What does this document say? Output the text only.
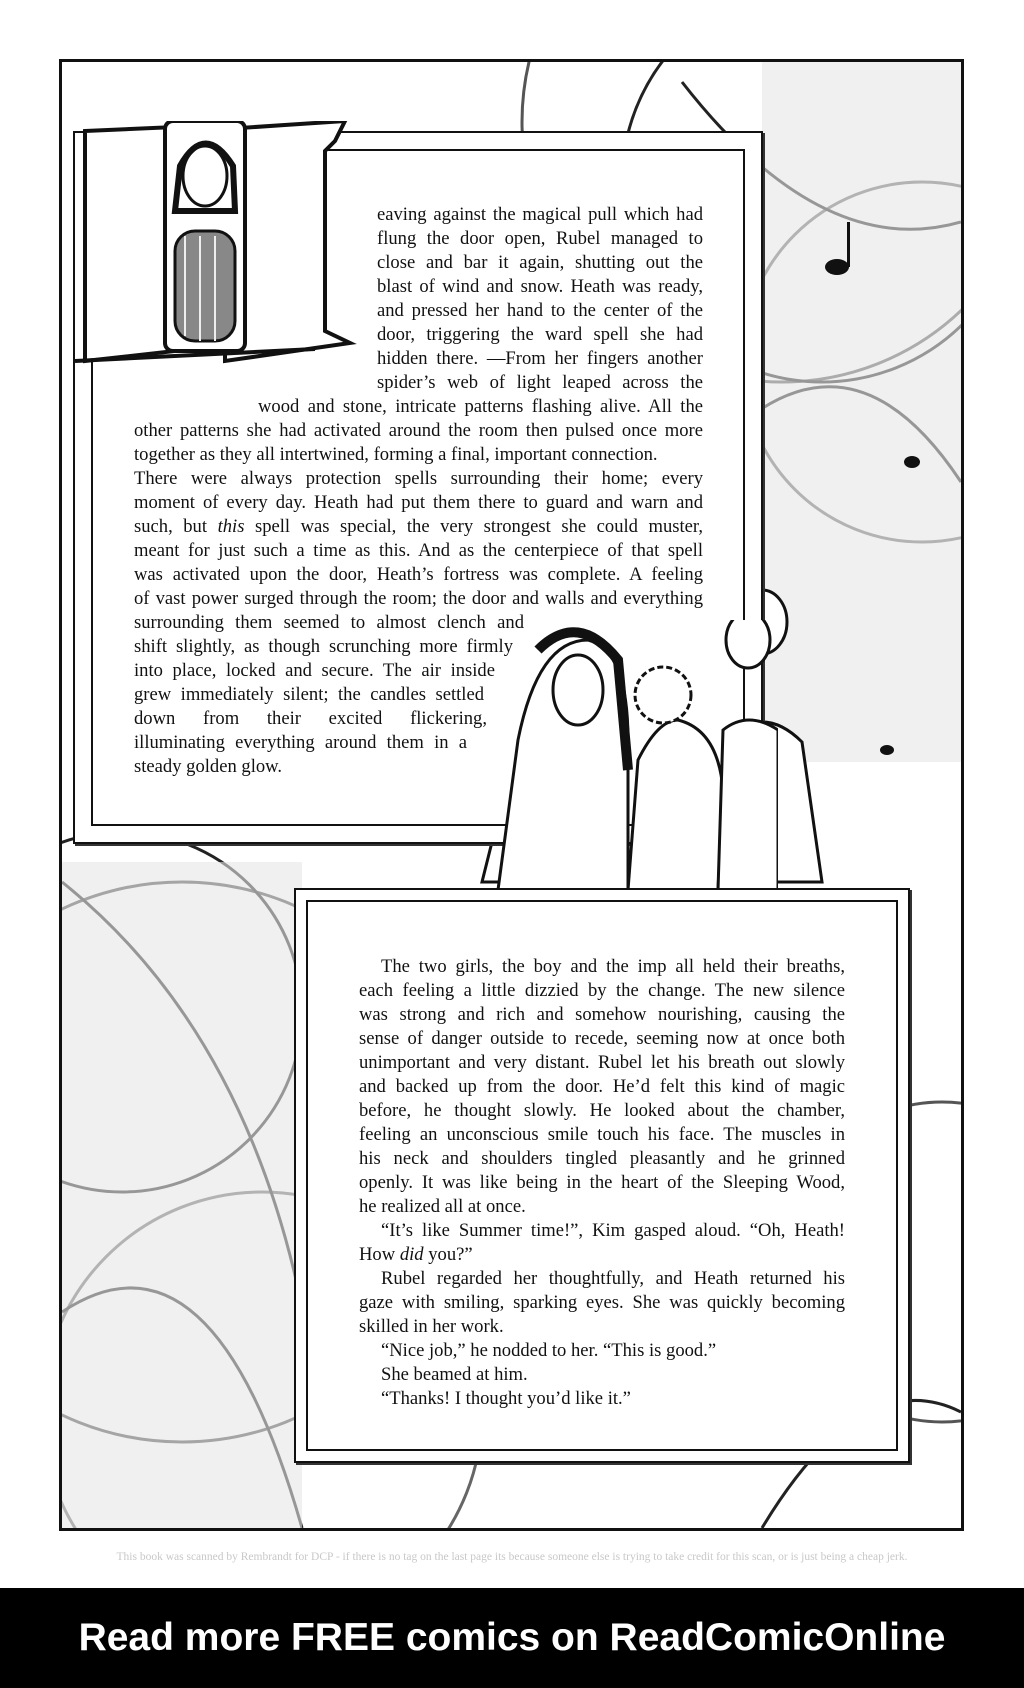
eaving against the magical pull which had
flung the door open, Rubel managed to
close and bar it again, shutting out the
blast of wind and snow. Heath was ready,
and pressed her hand to the center of the
door, triggering the ward spell she had
hidden there. —From her fingers another
spider’s web of light leaped across the
wood and stone, intricate patterns flashing alive. All the
other patterns she had activated around the room then pulsed once more
together as they all intertwined, forming a final, important connection.
There were always protection spells surrounding their home; every
moment of every day. Heath had put them there to guard and warn and
such, but this spell was special, the very strongest she could muster,
meant for just such a time as this. And as the centerpiece of that spell
was activated upon the door, Heath’s fortress was complete. A feeling
of vast power surged through the room; the door and walls and everything
surrounding them seemed to almost clench and
shift slightly, as though scrunching more firmly
into place, locked and secure. The air inside
grew immediately silent; the candles settled
down from their excited flickering,
illuminating everything around them in a
steady golden glow.
The two girls, the boy and the imp all held their breaths,
each feeling a little dizzied by the change. The new silence
was strong and rich and somehow nourishing, causing the
sense of danger outside to recede, seeming now at once both
unimportant and very distant. Rubel let his breath out slowly
and backed up from the door. He’d felt this kind of magic
before, he thought slowly. He looked about the chamber,
feeling an unconscious smile touch his face. The muscles in
his neck and shoulders tingled pleasantly and he grinned
openly. It was like being in the heart of the Sleeping Wood,
he realized all at once.
“It’s like Summer time!”, Kim gasped aloud. “Oh, Heath!
How did you?”
Rubel regarded her thoughtfully, and Heath returned his
gaze with smiling, sparking eyes. She was quickly becoming
skilled in her work.
“Nice job,” he nodded to her. “This is good.”
She beamed at him.
“Thanks! I thought you’d like it.”
This book was scanned by Rembrandt for DCP - if there is no tag on the last page its because someone else is trying to take credit for this scan, or is just being a cheap jerk.
Read more FREE comics on ReadComicOnline
